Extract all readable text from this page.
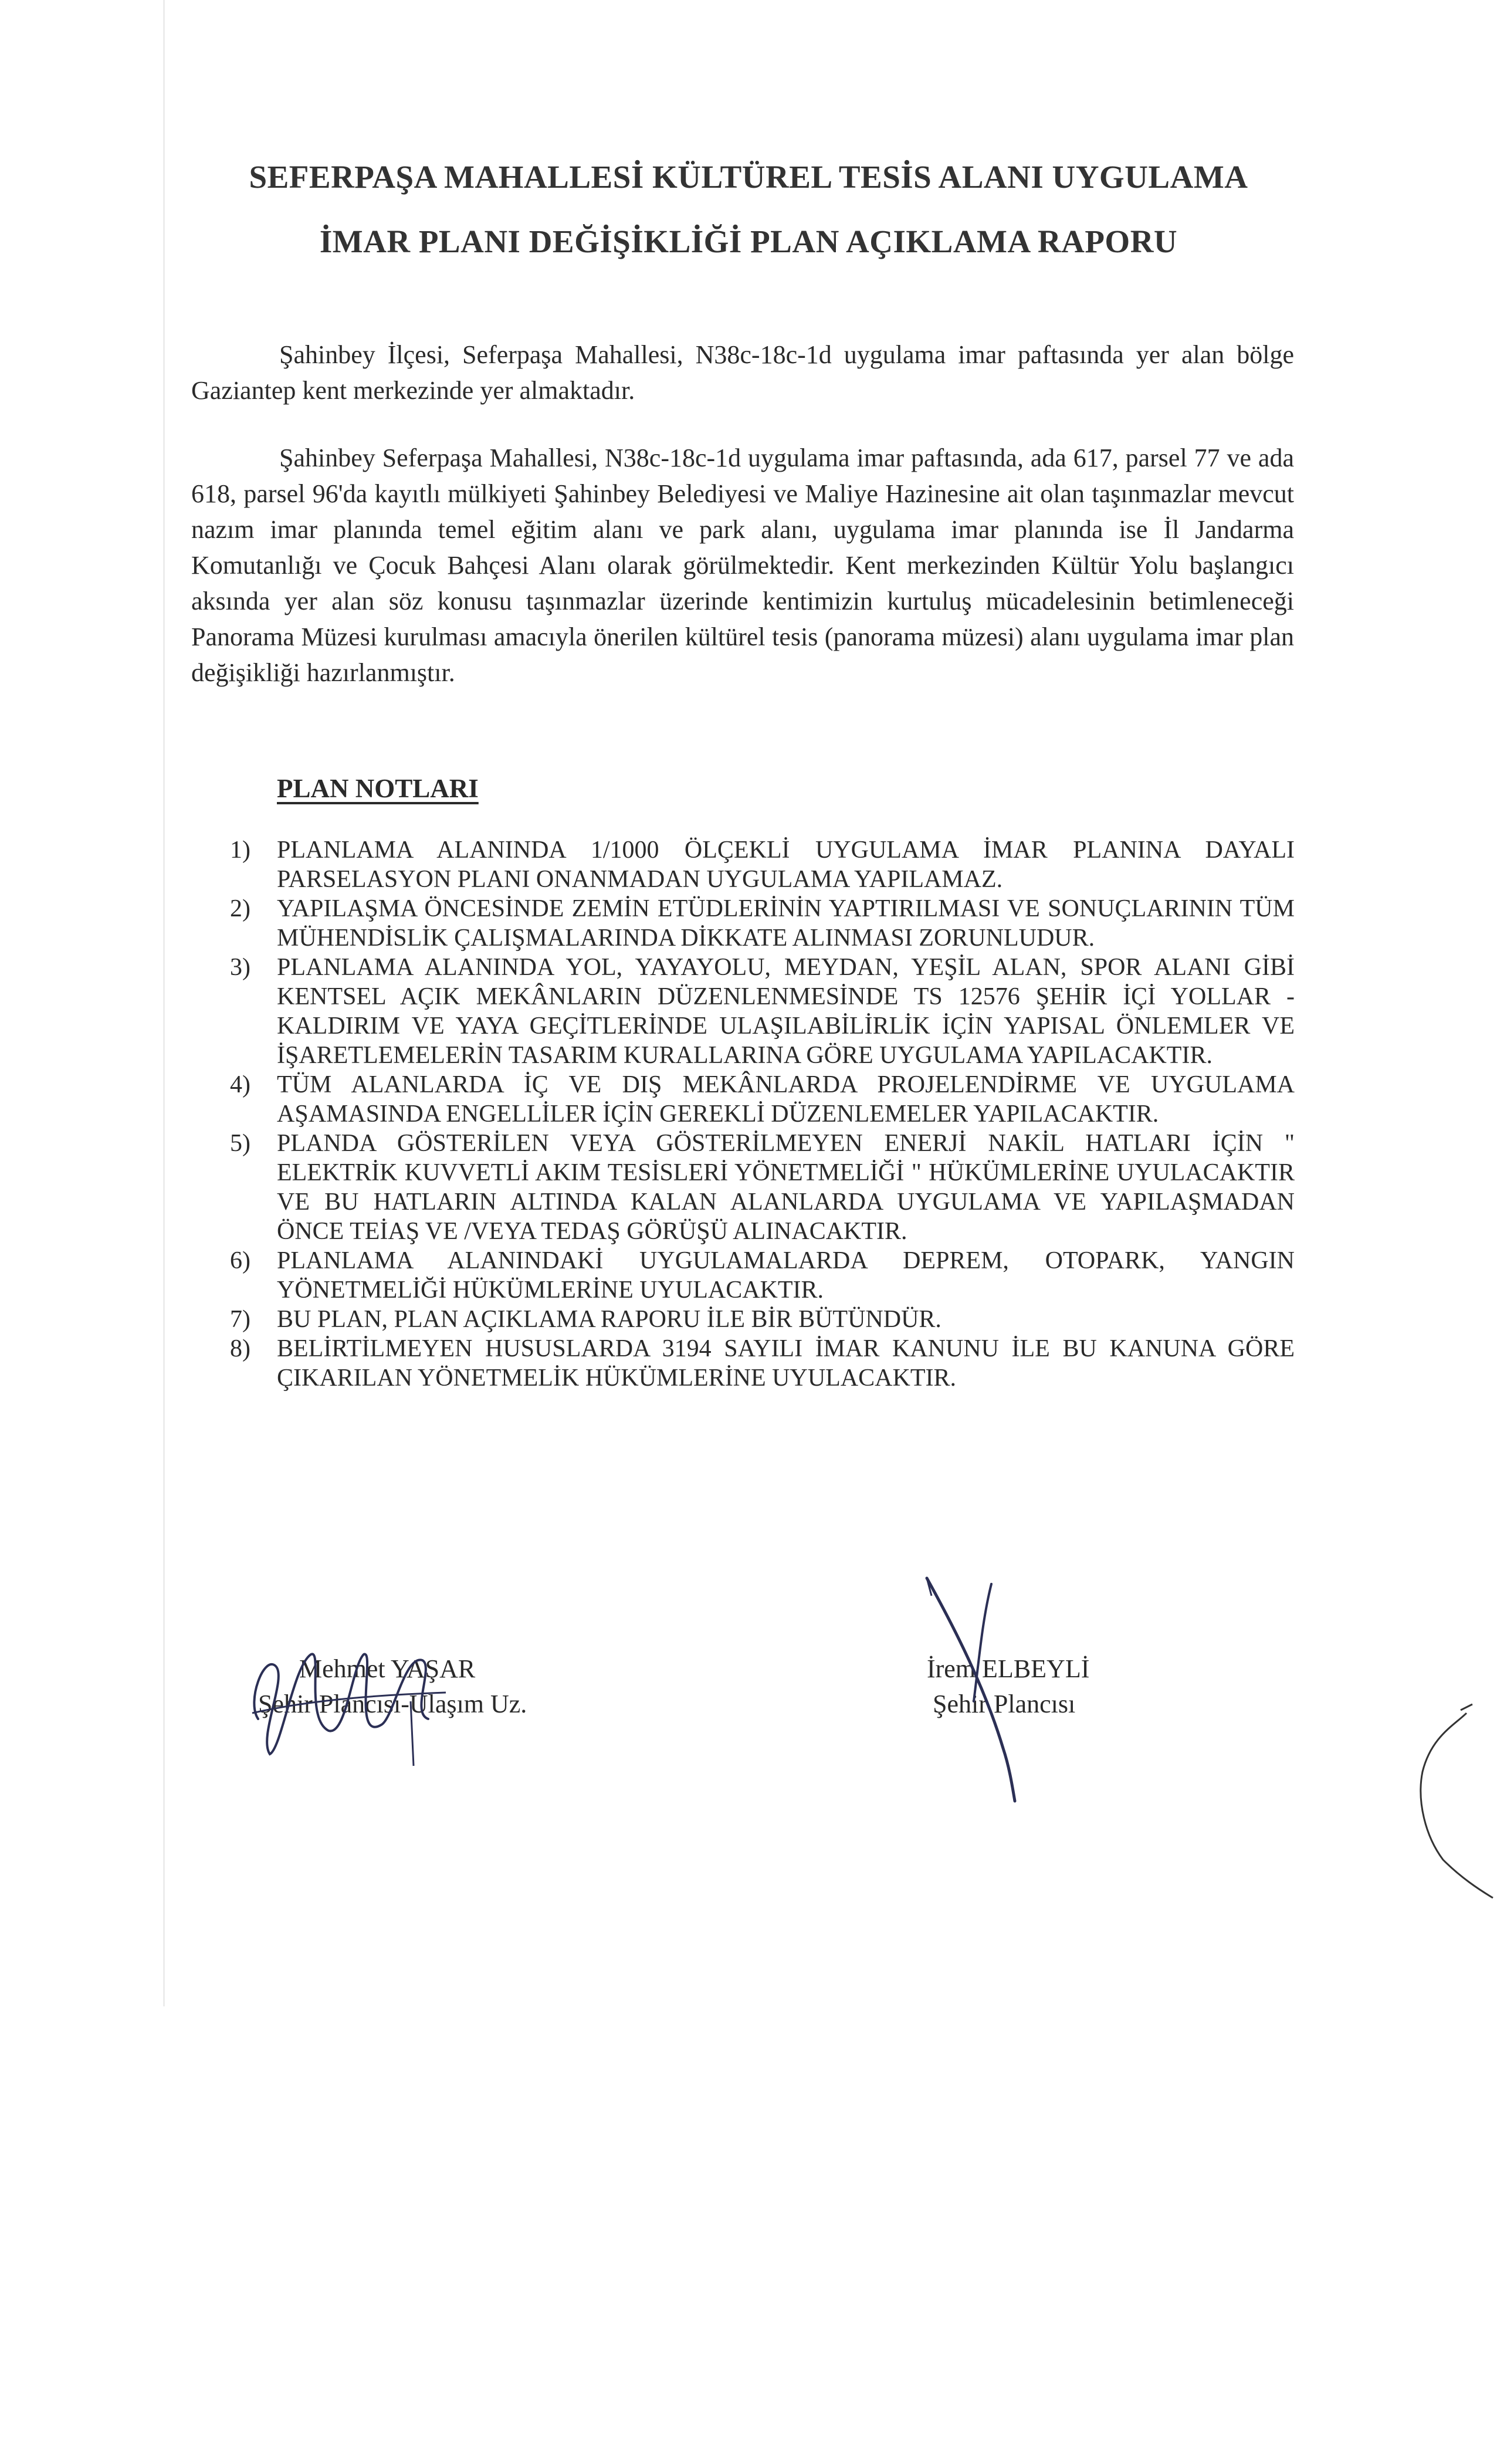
SEFERPAŞA MAHALLESİ KÜLTÜREL TESİS ALANI UYGULAMA
İMAR PLANI DEĞİŞİKLİĞİ PLAN AÇIKLAMA RAPORU
Şahinbey İlçesi, Seferpaşa Mahallesi, N38c-18c-1d uygulama imar paftasında yer alan bölge Gaziantep kent merkezinde yer almaktadır.
Şahinbey Seferpaşa Mahallesi, N38c-18c-1d uygulama imar paftasında, ada 617, parsel 77 ve ada 618, parsel 96'da kayıtlı mülkiyeti Şahinbey Belediyesi ve Maliye Hazinesine ait olan taşınmazlar mevcut nazım imar planında temel eğitim alanı ve park alanı, uygulama imar planında ise İl Jandarma Komutanlığı ve Çocuk Bahçesi Alanı olarak görülmektedir. Kent merkezinden Kültür Yolu başlangıcı aksında yer alan söz konusu taşınmazlar üzerinde kentimizin kurtuluş mücadelesinin betimleneceği Panorama Müzesi kurulması amacıyla önerilen kültürel tesis (panorama müzesi) alanı uygulama imar plan değişikliği hazırlanmıştır.
PLAN NOTLARI
1)	PLANLAMA ALANINDA 1/1000 ÖLÇEKLİ UYGULAMA İMAR PLANINA DAYALI PARSELASYON PLANI ONANMADAN UYGULAMA YAPILAMAZ.
2)	YAPILAŞMA ÖNCESİNDE ZEMİN ETÜDLERİNİN YAPTIRILMASI VE SONUÇLARININ TÜM MÜHENDİSLİK ÇALIŞMALARINDA DİKKATE ALINMASI ZORUNLUDUR.
3)	PLANLAMA ALANINDA YOL, YAYAYOLU, MEYDAN, YEŞİL ALAN, SPOR ALANI GİBİ KENTSEL AÇIK MEKÂNLARIN DÜZENLENMESİNDE TS 12576 ŞEHİR İÇİ YOLLAR - KALDIRIM VE YAYA GEÇİTLERİNDE ULAŞILABİLİRLİK İÇİN YAPISAL ÖNLEMLER VE İŞARETLEMELERİN TASARIM KURALLARINA GÖRE UYGULAMA YAPILACAKTIR.
4)	TÜM ALANLARDA İÇ VE DIŞ MEKÂNLARDA PROJELENDİRME VE UYGULAMA AŞAMASINDA ENGELLİLER İÇİN GEREKLİ DÜZENLEMELER YAPILACAKTIR.
5)	PLANDA GÖSTERİLEN VEYA GÖSTERİLMEYEN ENERJİ NAKİL HATLARI İÇİN " ELEKTRİK KUVVETLİ AKIM TESİSLERİ YÖNETMELİĞİ " HÜKÜMLERİNE UYULACAKTIR VE BU HATLARIN ALTINDA KALAN ALANLARDA UYGULAMA VE YAPILAŞMADAN ÖNCE TEİAŞ VE /VEYA TEDAŞ GÖRÜŞÜ ALINACAKTIR.
6)	PLANLAMA ALANINDAKİ UYGULAMALARDA DEPREM, OTOPARK, YANGIN YÖNETMELİĞİ HÜKÜMLERİNE UYULACAKTIR.
7)	BU PLAN, PLAN AÇIKLAMA RAPORU İLE BİR BÜTÜNDÜR.
8)	BELİRTİLMEYEN HUSUSLARDA 3194 SAYILI İMAR KANUNU İLE BU KANUNA GÖRE ÇIKARILAN YÖNETMELİK HÜKÜMLERİNE UYULACAKTIR.
Mehmet YAŞAR
Şehir Plancısı-Ulaşım Uz.
İrem ELBEYLİ
Şehir Plancısı
